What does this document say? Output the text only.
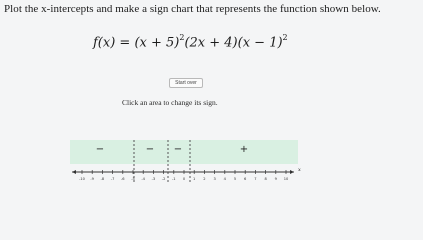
Plot the x-intercepts and make a sign chart that represents the function shown below.
$f(x) = (x + 5)^2(2x + 4)(x - 1)^2$
Start over
Click an area to change its sign.
−	− −	+
x
-10 -9 -8 -7 -6 -5 -4 -3 -2 -1 0 1 2 3 4 5 6 7 8 9 10
